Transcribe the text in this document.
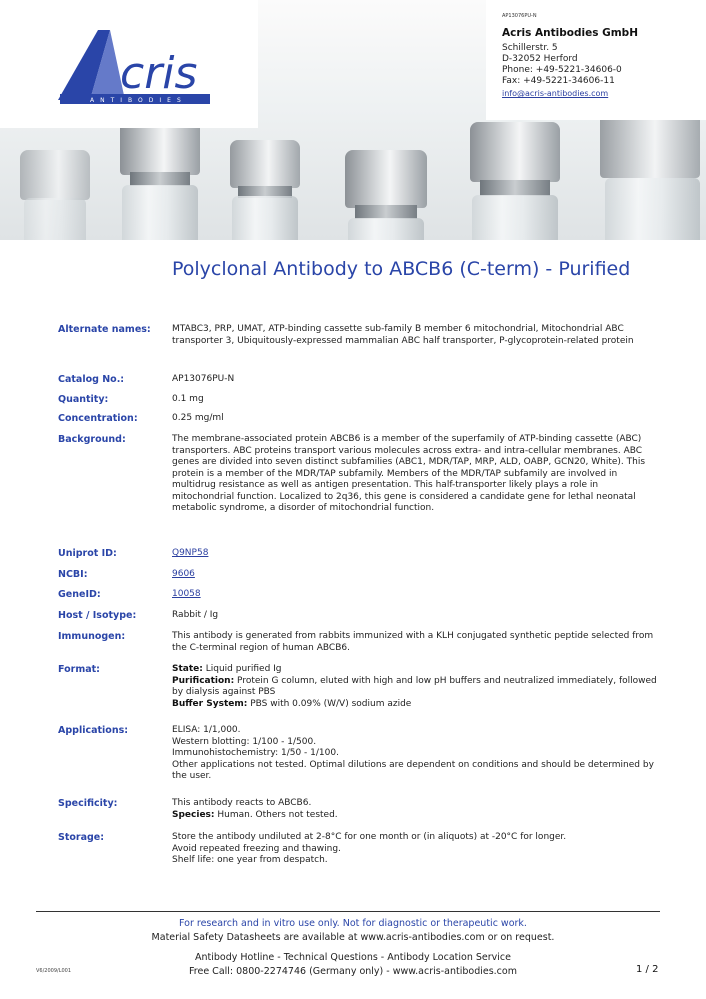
cris
ANTIBODIES
AP13076PU-N
Acris Antibodies GmbH
Schillerstr. 5
D-32052 Herford
Phone: +49-5221-34606-0
Fax: +49-5221-34606-11
info@acris-antibodies.com
Polyclonal Antibody to ABCB6 (C-term) - Purified
Alternate names:	MTABC3, PRP, UMAT, ATP-binding cassette sub-family B member 6 mitochondrial, Mitochondrial ABC transporter 3, Ubiquitously-expressed mammalian ABC half transporter, P-glycoprotein-related protein
Catalog No.:	AP13076PU-N
Quantity:	0.1 mg
Concentration:	0.25 mg/ml
Background:	The membrane-associated protein ABCB6 is a member of the superfamily of ATP-binding cassette (ABC) transporters. ABC proteins transport various molecules across extra- and intra-cellular membranes. ABC genes are divided into seven distinct subfamilies (ABC1, MDR/TAP, MRP, ALD, OABP, GCN20, White). This protein is a member of the MDR/TAP subfamily. Members of the MDR/TAP subfamily are involved in multidrug resistance as well as antigen presentation. This half-transporter likely plays a role in mitochondrial function. Localized to 2q36, this gene is considered a candidate gene for lethal neonatal metabolic syndrome, a disorder of mitochondrial function.
Uniprot ID:	Q9NP58
NCBI:	9606
GeneID:	10058
Host / Isotype:	Rabbit / Ig
Immunogen:	This antibody is generated from rabbits immunized with a KLH conjugated synthetic peptide selected from the C-terminal region of human ABCB6.
Format:	State: Liquid purified Ig
Purification: Protein G column, eluted with high and low pH buffers and neutralized immediately, followed by dialysis against PBS
Buffer System: PBS with 0.09% (W/V) sodium azide
Applications:	ELISA: 1/1,000.
Western blotting: 1/100 - 1/500.
Immunohistochemistry: 1/50 - 1/100.
Other applications not tested. Optimal dilutions are dependent on conditions and should be determined by the user.
Specificity:	This antibody reacts to ABCB6.
Species: Human. Others not tested.
Storage:	Store the antibody undiluted at 2-8°C for one month or (in aliquots) at -20°C for longer.
Avoid repeated freezing and thawing.
Shelf life: one year from despatch.
For research and in vitro use only. Not for diagnostic or therapeutic work.
Material Safety Datasheets are available at www.acris-antibodies.com or on request.
Antibody Hotline - Technical Questions - Antibody Location Service
Free Call: 0800-2274746 (Germany only) - www.acris-antibodies.com
V6/2009/L001	1 / 2
